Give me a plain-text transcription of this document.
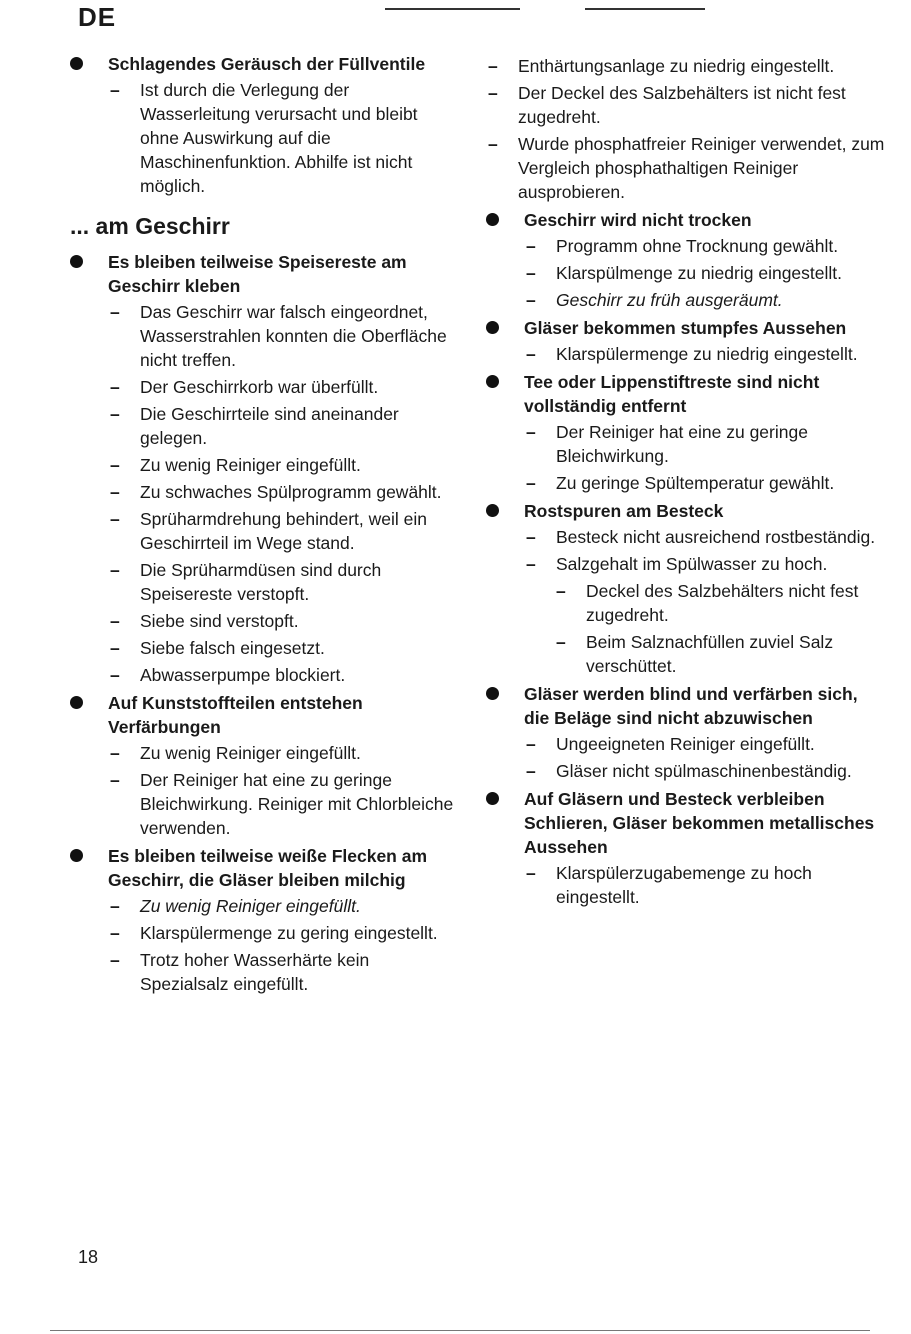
DE
Schlagendes Geräusch der Füllventile
– Ist durch die Verlegung der Wasserleitung verursacht und bleibt ohne Auswirkung auf die Maschinenfunktion. Abhilfe ist nicht möglich.
... am Geschirr
Es bleiben teilweise Speisereste am Geschirr kleben
– Das Geschirr war falsch eingeordnet, Wasserstrahlen konnten die Oberfläche nicht treffen.
– Der Geschirrkorb war überfüllt.
– Die Geschirrteile sind aneinander gelegen.
– Zu wenig Reiniger eingefüllt.
– Zu schwaches Spülprogramm gewählt.
– Sprüharmdrehung behindert, weil ein Geschirrteil im Wege stand.
– Die Sprüharmdüsen sind durch Speisereste verstopft.
– Siebe sind verstopft.
– Siebe falsch eingesetzt.
– Abwasserpumpe blockiert.
Auf Kunststoffteilen entstehen Verfärbungen
– Zu wenig Reiniger eingefüllt.
– Der Reiniger hat eine zu geringe Bleichwirkung. Reiniger mit Chlorbleiche verwenden.
Es bleiben teilweise weiße Flecken am Geschirr, die Gläser bleiben milchig
– Zu wenig Reiniger eingefüllt.
– Klarspülermenge zu gering eingestellt.
– Trotz hoher Wasserhärte kein Spezialsalz eingefüllt.
– Enthärtungsanlage zu niedrig eingestellt.
– Der Deckel des Salzbehälters ist nicht fest zugedreht.
– Wurde phosphatfreier Reiniger verwendet, zum Vergleich phosphathaltigen Reiniger ausprobieren.
Geschirr wird nicht trocken
– Programm ohne Trocknung gewählt.
– Klarspülmenge zu niedrig eingestellt.
– Geschirr zu früh ausgeräumt.
Gläser bekommen stumpfes Aussehen
– Klarspülermenge zu niedrig eingestellt.
Tee oder Lippenstiftreste sind nicht vollständig entfernt
– Der Reiniger hat eine zu geringe Bleichwirkung.
– Zu geringe Spültemperatur gewählt.
Rostspuren am Besteck
– Besteck nicht ausreichend rostbeständig.
– Salzgehalt im Spülwasser zu hoch.
– Deckel des Salzbehälters nicht fest zugedreht.
– Beim Salznachfüllen zuviel Salz verschüttet.
Gläser werden blind und verfärben sich, die Beläge sind nicht abzuwischen
– Ungeeigneten Reiniger eingefüllt.
– Gläser nicht spülmaschinenbeständig.
Auf Gläsern und Besteck verbleiben Schlieren, Gläser bekommen metallisches Aussehen
– Klarspülerzugabemenge zu hoch eingestellt.
18
